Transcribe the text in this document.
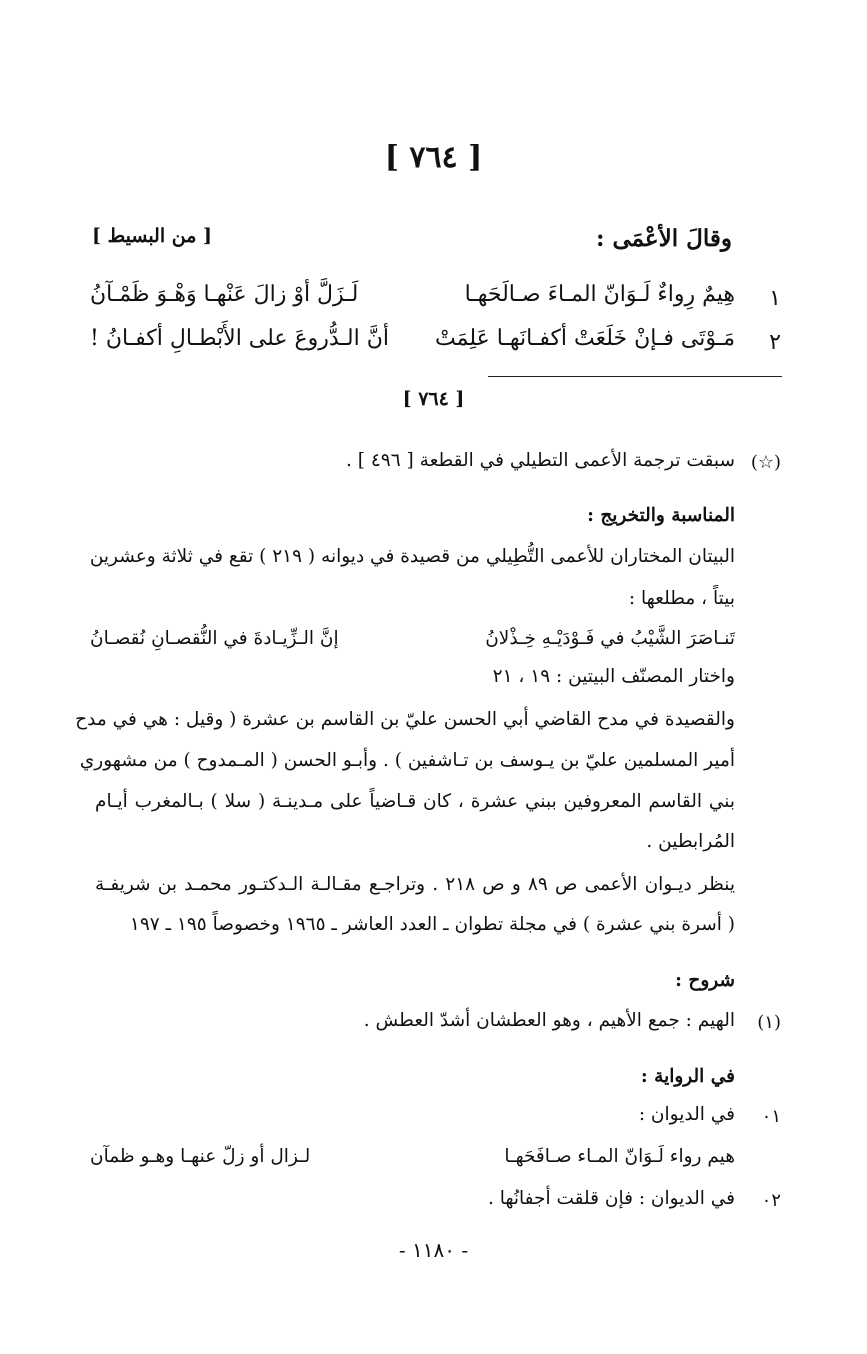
[ ٧٦٤ ]
وقالَ الأعْمَى :
[ من البسيط ]
١
هِيمٌ رِواءٌ لَـوَانّ المـاءَ صـالَحَهـا
لَـزَلَّ أوْ زالَ عَنْهـا وَهْـوَ ظَمْـآنُ
٢
مَـوْتَى فـإنْ خَلَعَتْ أكفـانَهـا عَلِمَتْ
أنَّ الـدُّروعَ على الأَبْطـالِ أكفـانُ !
[ ٧٦٤ ]
(☆)
سبقت ترجمة الأعمى التطيلي في القطعة [ ٤٩٦ ] .
المناسبة والتخريج :
البيتان المختاران للأعمى التُّطِيلي من قصيدة في ديوانه ( ٢١٩ ) تقع في ثلاثة وعشرين
بيتاً ، مطلعها :
تَنـاصَرَ الشَّيْبُ في فَـوْدَيْـهِ خِـذْلانُ
إنَّ الـزِّيـادةَ في النُّقصـانِ نُقصـانُ
واختار المصنّف البيتين : ١٩ ، ٢١
والقصيدة في مدح القاضي أبي الحسن عليّ بن القاسم بن عشرة ( وقيل : هي في مدح
أمير المسلمين عليّ بن يـوسف بن تـاشفين ) . وأبـو الحسن ( المـمدوح ) من مشهوري
بني القاسم المعروفين ببني عشرة ، كان قـاضياً على مـدينـة ( سلا ) بـالمغرب أيـام
المُرابطين .
ينظر ديـوان الأعمى ص ٨٩ و ص ٢١٨ . وتراجـع مقـالـة الـدكتـور محمـد بن شريفـة
( أسرة بني عشرة ) في مجلة تطوان ـ العدد العاشر ـ ١٩٦٥ وخصوصاً ١٩٥ ـ ١٩٧
شروح :
(١)
الهيم : جمع الأهيم ، وهو العطشان أشدّ العطش .
في الرواية :
٠١
في الديوان :
هيم رواء لَـوَانّ المـاء صـافَحَهـا
لـزال أو زلّ عنهـا وهـو ظمآن
٠٢
في الديوان : فإن قلقت أجفانُها .
- ١١٨٠ -
